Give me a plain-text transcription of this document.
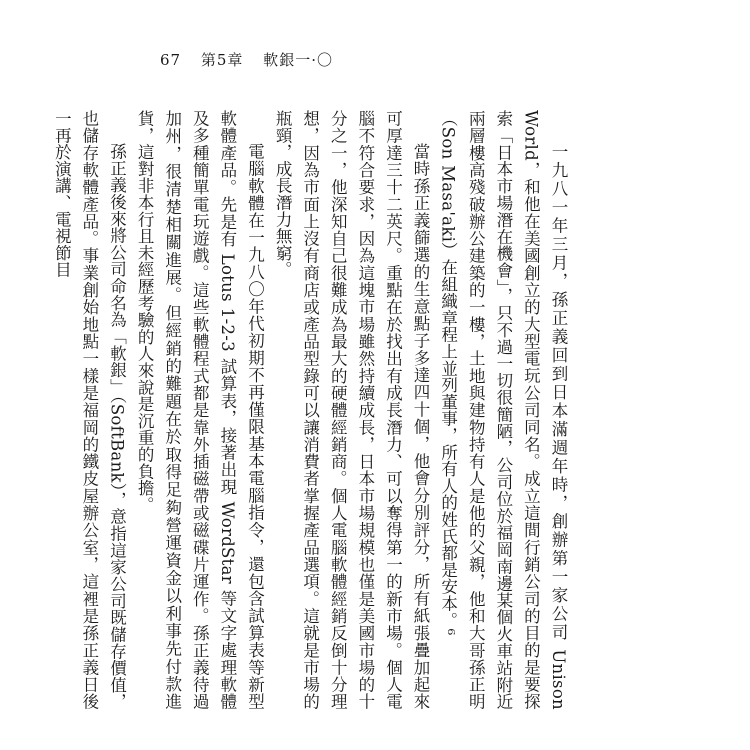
67 第5章 軟銀一·〇

一九八一年三月，孫正義回到日本滿週年時，創辦第一家公司 Unison World，和他在美國創立的大型電玩公司同名。成立這間行銷公司的目的是要探索「日本市場潛在機會」，只不過一切很簡陋，公司位於福岡南邊某個火車站附近兩層樓高殘破辦公建築的一樓，土地與建物持有人是他的父親，他和大哥孫正明（Son Masa'aki）在組織章程上並列董事，所有人的姓氏都是安本。⁶

當時孫正義篩選的生意點子多達四十個，他會分別評分，所有紙張疊加起來可厚達三十二英尺。重點在於找出有成長潛力、可以奪得第一的新市場。個人電腦不符合要求，因為這塊市場雖然持續成長，日本市場規模也僅是美國市場的十分之一，他深知自己很難成為最大的硬體經銷商。個人電腦軟體經銷反倒十分理想，因為市面上沒有商店或產品型錄可以讓消費者掌握產品選項。這就是市場的瓶頸，成長潛力無窮。

電腦軟體在一九八〇年代初期不再僅限基本電腦指令，還包含試算表等新型軟體產品。先是有 Lotus 1-2-3 試算表，接著出現 WordStar 等文字處理軟體及多種簡單電玩遊戲。這些軟體程式都是靠外插磁帶或磁碟片運作。孫正義待過加州，很清楚相關進展。但經銷的難題在於取得足夠營運資金以利事先付款進貨，這對非本行且未經歷考驗的人來說是沉重的負擔。

孫正義後來將公司命名為「軟銀」（SoftBank），意指這家公司既儲存價值，也儲存軟體產品。事業創始地點一樣是福岡的鐵皮屋辦公室，這裡是孫正義日後一再於演講、電視節目
